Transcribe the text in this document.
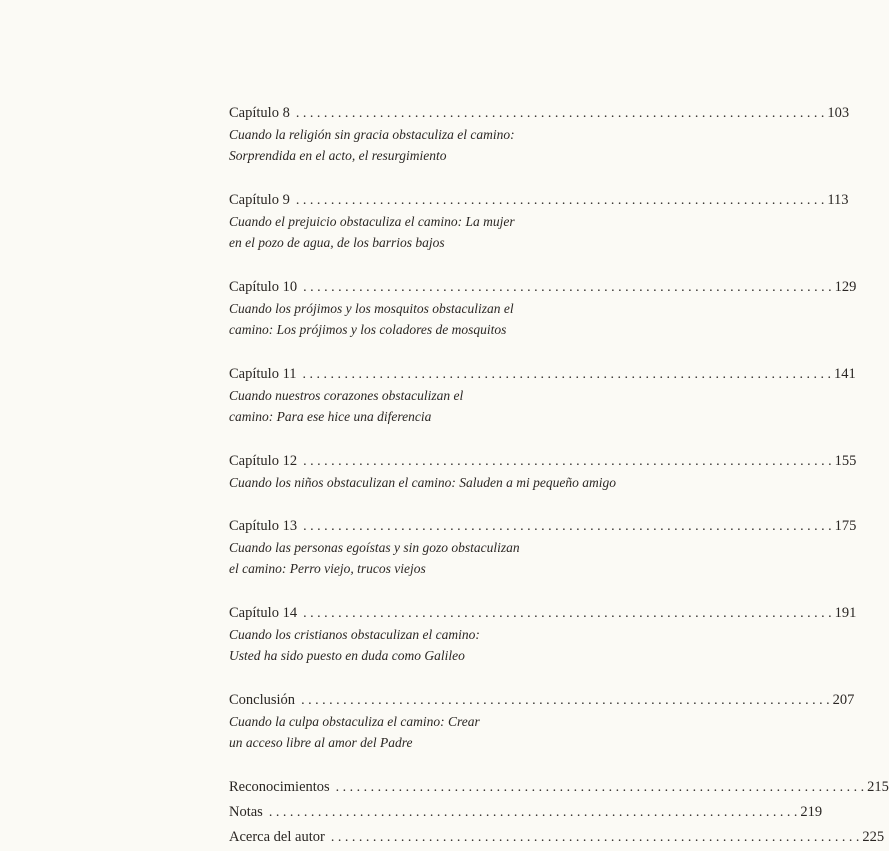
Capítulo 8 . . .	103
Cuando la religión sin gracia obstaculiza el camino:
Sorprendida en el acto, el resurgimiento
Capítulo 9 . . .	113
Cuando el prejuicio obstaculiza el camino: La mujer
en el pozo de agua, de los barrios bajos
Capítulo 10 . . .	129
Cuando los prójimos y los mosquitos obstaculizan el
camino: Los prójimos y los coladores de mosquitos
Capítulo 11 . . .	141
Cuando nuestros corazones obstaculizan el
camino: Para ese hice una diferencia
Capítulo 12 . . .	155
Cuando los niños obstaculizan el camino: Saluden a mi pequeño amigo
Capítulo 13 . . .	175
Cuando las personas egoístas y sin gozo obstaculizan
el camino: Perro viejo, trucos viejos
Capítulo 14 . . .	191
Cuando los cristianos obstaculizan el camino:
Usted ha sido puesto en duda como Galileo
Conclusión . . .	207
Cuando la culpa obstaculiza el camino: Crear
un acceso libre al amor del Padre
Reconocimientos . . .	215
Notas . . .	219
Acerca del autor . . .	225
